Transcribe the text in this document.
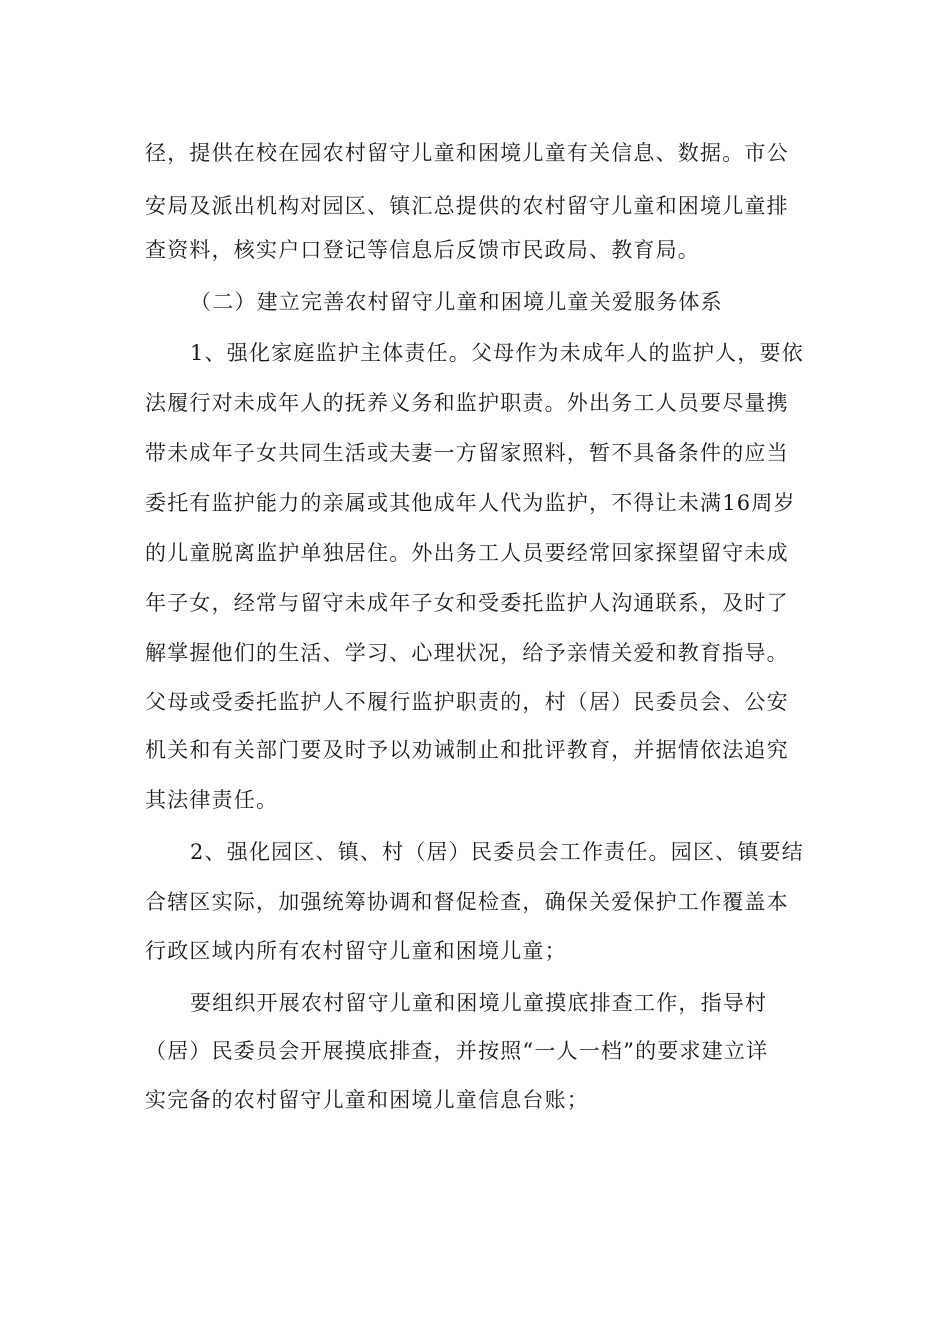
径，提供在校在园农村留守儿童和困境儿童有关信息、数据。市公
安局及派出机构对园区、镇汇总提供的农村留守儿童和困境儿童排
查资料，核实户口登记等信息后反馈市民政局、教育局。
（二）建立完善农村留守儿童和困境儿童关爱服务体系
1、强化家庭监护主体责任。父母作为未成年人的监护人，要依
法履行对未成年人的抚养义务和监护职责。外出务工人员要尽量携
带未成年子女共同生活或夫妻一方留家照料，暂不具备条件的应当
委托有监护能力的亲属或其他成年人代为监护，不得让未满16周岁
的儿童脱离监护单独居住。外出务工人员要经常回家探望留守未成
年子女，经常与留守未成年子女和受委托监护人沟通联系，及时了
解掌握他们的生活、学习、心理状况，给予亲情关爱和教育指导。
父母或受委托监护人不履行监护职责的，村（居）民委员会、公安
机关和有关部门要及时予以劝诫制止和批评教育，并据情依法追究
其法律责任。
2、强化园区、镇、村（居）民委员会工作责任。园区、镇要结
合辖区实际，加强统筹协调和督促检查，确保关爱保护工作覆盖本
行政区域内所有农村留守儿童和困境儿童；
要组织开展农村留守儿童和困境儿童摸底排查工作，指导村
（居）民委员会开展摸底排查，并按照“一人一档”的要求建立详
实完备的农村留守儿童和困境儿童信息台账；
